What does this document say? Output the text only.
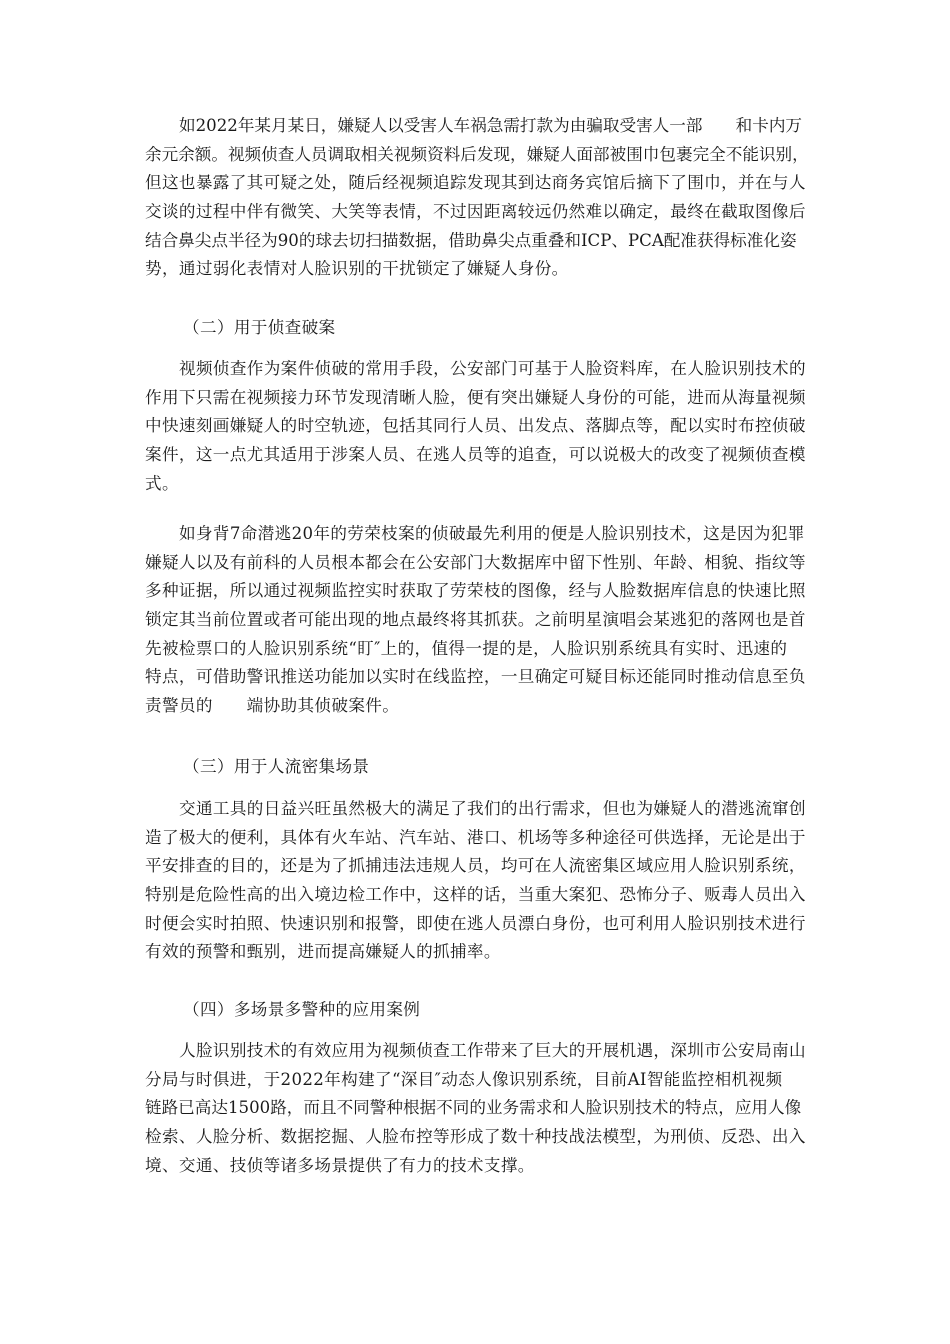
如2022年某月某日，嫌疑人以受害人车祸急需打款为由骗取受害人一部　　和卡内万
余元余额。视频侦查人员调取相关视频资料后发现，嫌疑人面部被围巾包裹完全不能识别，
但这也暴露了其可疑之处，随后经视频追踪发现其到达商务宾馆后摘下了围巾，并在与人
交谈的过程中伴有微笑、大笑等表情，不过因距离较远仍然难以确定，最终在截取图像后
结合鼻尖点半径为90的球去切扫描数据，借助鼻尖点重叠和ICP、PCA配准获得标准化姿
势，通过弱化表情对人脸识别的干扰锁定了嫌疑人身份。
（二）用于侦查破案
视频侦查作为案件侦破的常用手段，公安部门可基于人脸资料库，在人脸识别技术的
作用下只需在视频接力环节发现清晰人脸，便有突出嫌疑人身份的可能，进而从海量视频
中快速刻画嫌疑人的时空轨迹，包括其同行人员、出发点、落脚点等，配以实时布控侦破
案件，这一点尤其适用于涉案人员、在逃人员等的追查，可以说极大的改变了视频侦查模
式。
如身背7命潜逃20年的劳荣枝案的侦破最先利用的便是人脸识别技术，这是因为犯罪
嫌疑人以及有前科的人员根本都会在公安部门大数据库中留下性别、年龄、相貌、指纹等
多种证据，所以通过视频监控实时获取了劳荣枝的图像，经与人脸数据库信息的快速比照
锁定其当前位置或者可能出现的地点最终将其抓获。之前明星演唱会某逃犯的落网也是首
先被检票口的人脸识别系统“盯″上的，值得一提的是，人脸识别系统具有实时、迅速的
特点，可借助警讯推送功能加以实时在线监控，一旦确定可疑目标还能同时推动信息至负
责警员的　　端协助其侦破案件。
（三）用于人流密集场景
交通工具的日益兴旺虽然极大的满足了我们的出行需求，但也为嫌疑人的潜逃流窜创
造了极大的便利，具体有火车站、汽车站、港口、机场等多种途径可供选择，无论是出于
平安排查的目的，还是为了抓捕违法违规人员，均可在人流密集区域应用人脸识别系统，
特别是危险性高的出入境边检工作中，这样的话，当重大案犯、恐怖分子、贩毒人员出入
时便会实时拍照、快速识别和报警，即使在逃人员漂白身份，也可利用人脸识别技术进行
有效的预警和甄别，进而提高嫌疑人的抓捕率。
（四）多场景多警种的应用案例
人脸识别技术的有效应用为视频侦查工作带来了巨大的开展机遇，深圳市公安局南山
分局与时俱进，于2022年构建了“深目″动态人像识别系统，目前AI智能监控相机视频
链路已高达1500路，而且不同警种根据不同的业务需求和人脸识别技术的特点，应用人像
检索、人脸分析、数据挖掘、人脸布控等形成了数十种技战法模型，为刑侦、反恐、出入
境、交通、技侦等诸多场景提供了有力的技术支撑。
